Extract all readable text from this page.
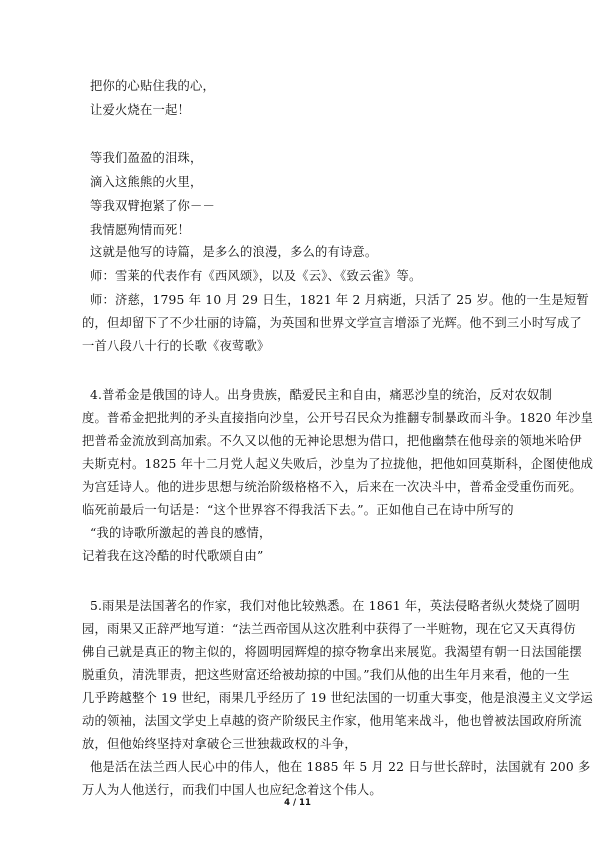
把你的心贴住我的心，
让爱火烧在一起！
等我们盈盈的泪珠，
滴入这熊熊的火里，
等我双臂抱紧了你－－
我情愿殉情而死！
这就是他写的诗篇，是多么的浪漫，多么的有诗意。
师：雪莱的代表作有《西风颂》，以及《云》、《致云雀》等。
师：济慈，1795 年 10 月 29 日生，1821 年 2 月病逝，只活了 25 岁。他的一生是短暂
的，但却留下了不少壮丽的诗篇，为英国和世界文学宣言增添了光辉。他不到三小时写成了
一首八段八十行的长歌《夜莺歌》
4.普希金是俄国的诗人。出身贵族，酷爱民主和自由，痛恶沙皇的统治，反对农奴制
度。普希金把批判的矛头直接指向沙皇，公开号召民众为推翻专制暴政而斗争。1820 年沙皇
把普希金流放到高加索。不久又以他的无神论思想为借口，把他幽禁在他母亲的领地米哈伊
夫斯克村。1825 年十二月党人起义失败后，沙皇为了拉拢他，把他如回莫斯科，企图使他成
为宫廷诗人。他的进步思想与统治阶级格格不入，后来在一次决斗中，普希金受重伤而死。
临死前最后一句话是：“这个世界容不得我活下去。”。正如他自己在诗中所写的
“我的诗歌所激起的善良的感情，
记着我在这冷酷的时代歌颂自由”
5.雨果是法国著名的作家，我们对他比较熟悉。在 1861 年，英法侵略者纵火焚烧了圆明
园，雨果又正辞严地写道：“法兰西帝国从这次胜利中获得了一半赃物，现在它又天真得仿
佛自己就是真正的物主似的，将圆明园辉煌的掠夺物拿出来展览。我渴望有朝一日法国能摆
脱重负，清洗罪责，把这些财富还给被劫掠的中国。”我们从他的出生年月来看，他的一生
几乎跨越整个 19 世纪，雨果几乎经历了 19 世纪法国的一切重大事变，他是浪漫主义文学运
动的领袖，法国文学史上卓越的资产阶级民主作家，他用笔来战斗，他也曾被法国政府所流
放，但他始终坚持对拿破仑三世独裁政权的斗争，
他是活在法兰西人民心中的伟人，他在 1885 年 5 月 22 日与世长辞时，法国就有 200 多
万人为人他送行，而我们中国人也应纪念着这个伟人。
4 / 11
